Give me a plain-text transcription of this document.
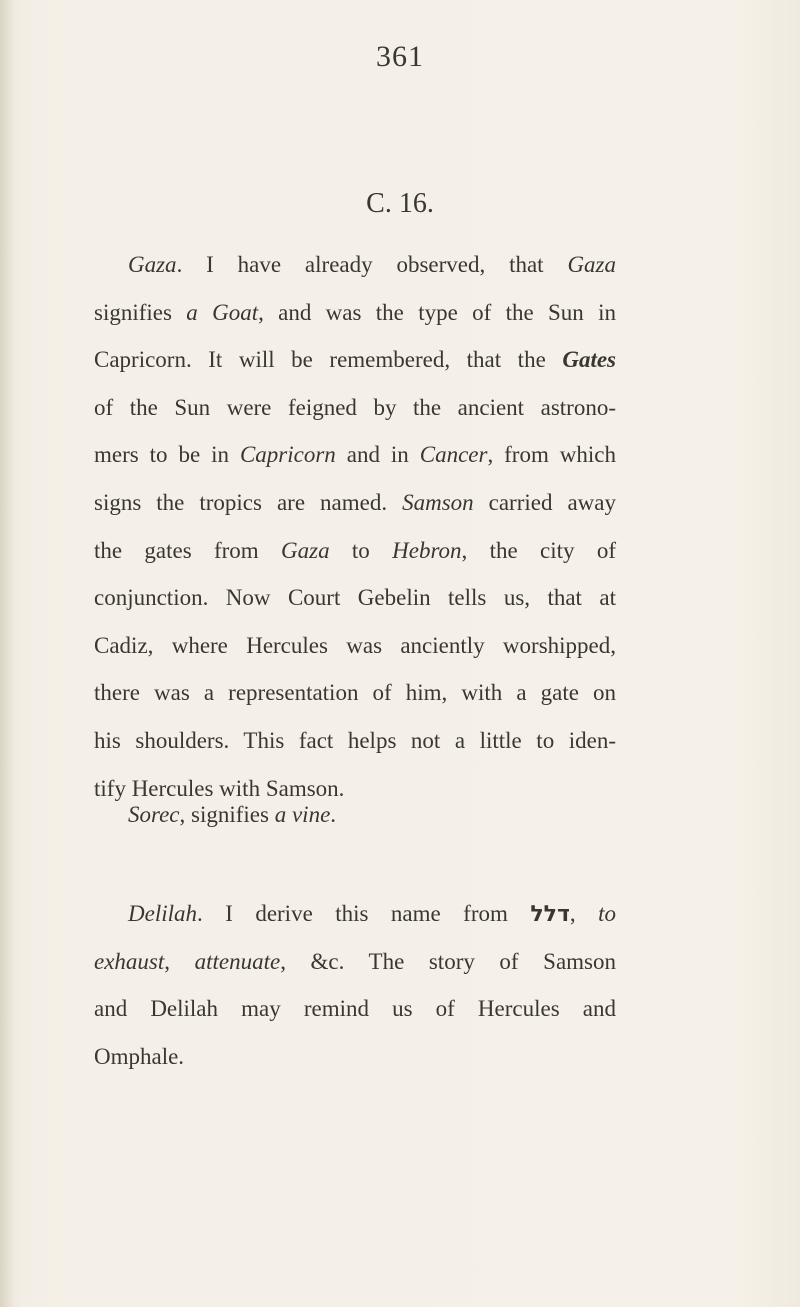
361
C. 16.
Gaza. I have already observed, that Gaza
signifies a Goat, and was the type of the Sun in
Capricorn. It will be remembered, that the Gates
of the Sun were feigned by the ancient astrono-
mers to be in Capricorn and in Cancer, from which
signs the tropics are named. Samson carried away
the gates from Gaza to Hebron, the city of
conjunction. Now Court Gebelin tells us, that at
Cadiz, where Hercules was anciently worshipped,
there was a representation of him, with a gate on
his shoulders. This fact helps not a little to iden-
tify Hercules with Samson.
Sorec, signifies a vine.
Delilah. I derive this name from דלל, to
exhaust, attenuate, &c. The story of Samson
and Delilah may remind us of Hercules and
Omphale.
